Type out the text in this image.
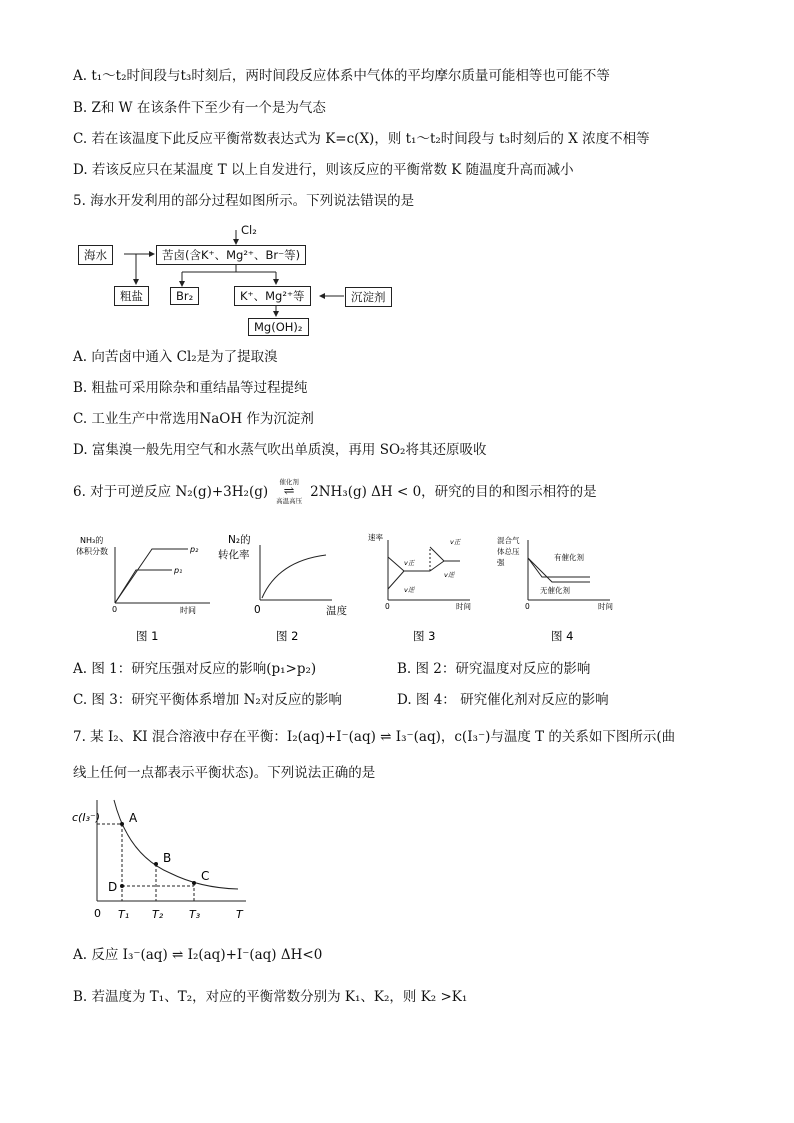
A. t₁～t₂时间段与t₃时刻后，两时间段反应体系中气体的平均摩尔质量可能相等也可能不等
B. Z和 W 在该条件下至少有一个是为气态
C. 若在该温度下此反应平衡常数表达式为 K=c(X)，则 t₁～t₂时间段与 t₃时刻后的 X 浓度不相等
D. 若该反应只在某温度 T 以上自发进行，则该反应的平衡常数 K 随温度升高而减小
5. 海水开发利用的部分过程如图所示。下列说法错误的是
Cl₂
海水	苦卤(含K⁺、Mg²⁺、Br⁻等)
粗盐	Br₂	K⁺、Mg²⁺等	沉淀剂
Mg(OH)₂
A. 向苦卤中通入 Cl₂是为了提取溴
B. 粗盐可采用除杂和重结晶等过程提纯
C. 工业生产中常选用NaOH 作为沉淀剂
D. 富集溴一般先用空气和水蒸气吹出单质溴，再用 SO₂将其还原吸收
6. 对于可逆反应 N₂(g)+3H₂(g)
催化剂
⇌
高温高压
2NH₃(g) ΔH < 0，研究的目的和图示相符的是
NH₃的
体积分数	p₂
p₁
0	时间
图 1
N₂的
转化率
0	温度
图 2
速率
v正
v逆
v正
v逆
0	时间
图 3
混合气
体总压
强
有催化剂
无催化剂
0	时间
图 4
A. 图 1：研究压强对反应的影响(p₁>p₂)	B. 图 2：研究温度对反应的影响
C. 图 3：研究平衡体系增加 N₂对反应的影响	D. 图 4： 研究催化剂对反应的影响
7. 某 I₂、KI 混合溶液中存在平衡：I₂(aq)+I⁻(aq) ⇌ I₃⁻(aq)，c(I₃⁻)与温度 T 的关系如下图所示(曲
线上任何一点都表示平衡状态)。下列说法正确的是
c(I₃⁻) A
B
C
D
0 T₁ T₂ T₃	T
A. 反应 I₃⁻(aq) ⇌ I₂(aq)+I⁻(aq) ΔH<0
B. 若温度为 T₁、T₂，对应的平衡常数分别为 K₁、K₂，则 K₂ >K₁
